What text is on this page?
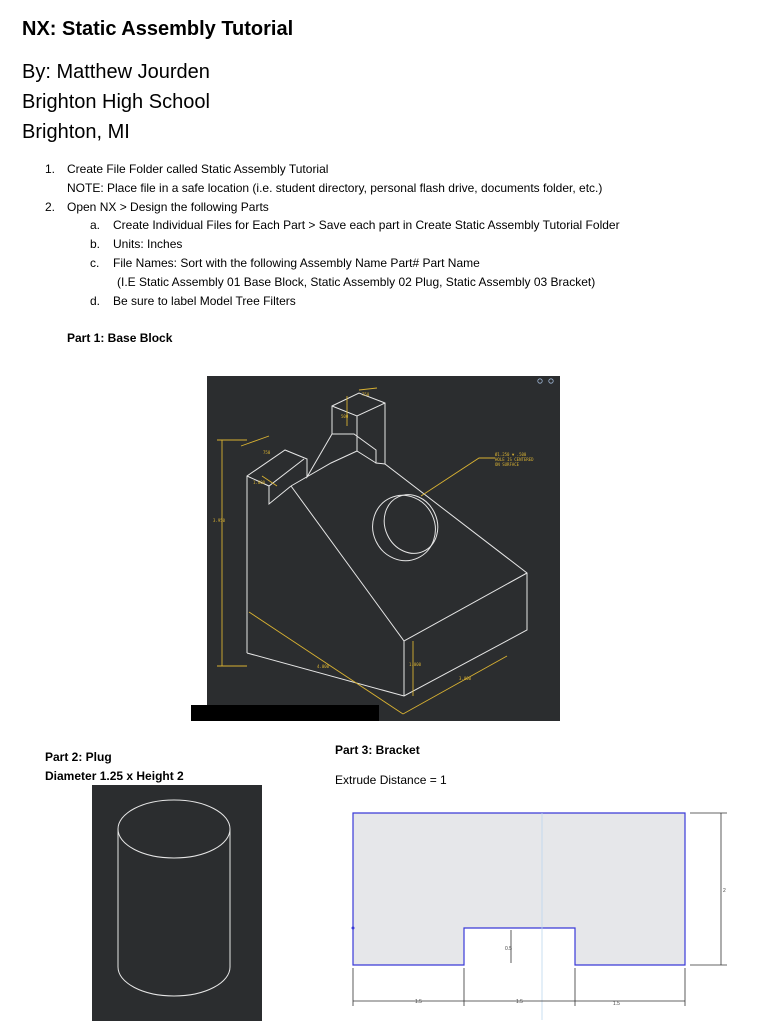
NX: Static Assembly Tutorial
By: Matthew Jourden
Brighton High School
Brighton, MI
1. Create File Folder called Static Assembly Tutorial
NOTE: Place file in a safe location (i.e. student directory, personal flash drive, documents folder, etc.)
2. Open NX > Design the following Parts
a. Create Individual Files for Each Part > Save each part in Create Static Assembly Tutorial Folder
b. Units: Inches
c. File Names: Sort with the following Assembly Name Part# Part Name
(I.E Static Assembly 01 Base Block, Static Assembly 02 Plug, Static Assembly 03 Bracket)
d. Be sure to label Model Tree Filters
Part 1: Base Block
750
500
750
1.000
3.950
4.000	1.000
3.000
Ø1.250 ▼ .500
HOLE IS CENTERED
ON SURFACE
Part 2: Plug
Diameter 1.25 x Height 2
Part 3: Bracket
Extrude Distance = 1
2
0.5
1.5	1.5	1.5
